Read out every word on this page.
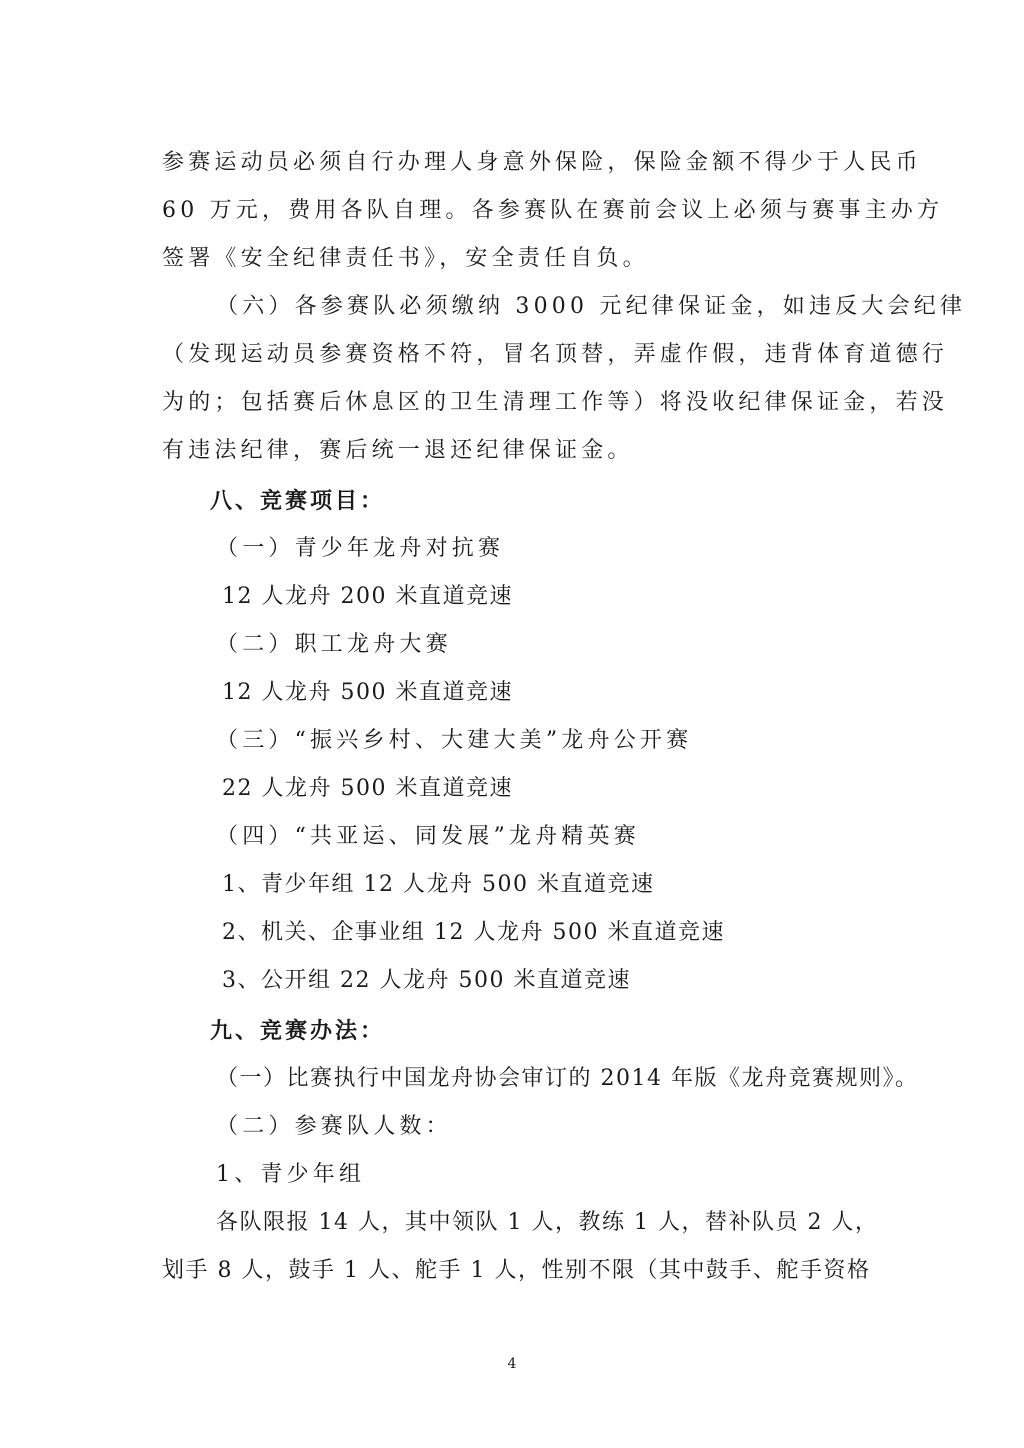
参赛运动员必须自行办理人身意外保险，保险金额不得少于人民币
60 万元，费用各队自理。各参赛队在赛前会议上必须与赛事主办方
签署《安全纪律责任书》，安全责任自负。
（六）各参赛队必须缴纳 3000 元纪律保证金，如违反大会纪律
（发现运动员参赛资格不符，冒名顶替，弄虚作假，违背体育道德行
为的；包括赛后休息区的卫生清理工作等）将没收纪律保证金，若没
有违法纪律，赛后统一退还纪律保证金。
八、竞赛项目：
（一）青少年龙舟对抗赛
12 人龙舟 200 米直道竞速
（二）职工龙舟大赛
12 人龙舟 500 米直道竞速
（三）“振兴乡村、大建大美”龙舟公开赛
22 人龙舟 500 米直道竞速
（四）“共亚运、同发展”龙舟精英赛
1、青少年组 12 人龙舟 500 米直道竞速
2、机关、企事业组 12 人龙舟 500 米直道竞速
3、公开组 22 人龙舟 500 米直道竞速
九、竞赛办法：
（一）比赛执行中国龙舟协会审订的 2014 年版《龙舟竞赛规则》。
（二）参赛队人数：
1、青少年组
各队限报 14 人，其中领队 1 人，教练 1 人，替补队员 2 人，
划手 8 人，鼓手 1 人、舵手 1 人，性别不限（其中鼓手、舵手资格
4
